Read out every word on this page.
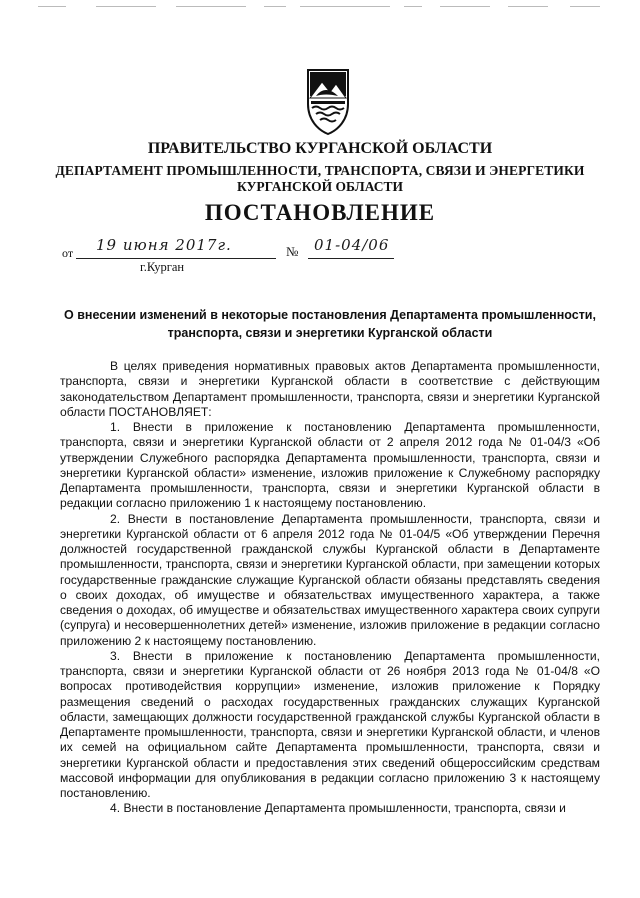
ПРАВИТЕЛЬСТВО КУРГАНСКОЙ ОБЛАСТИ
ДЕПАРТАМЕНТ ПРОМЫШЛЕННОСТИ, ТРАНСПОРТА, СВЯЗИ И ЭНЕРГЕТИКИ
КУРГАНСКОЙ ОБЛАСТИ
ПОСТАНОВЛЕНИЕ
от	№
19 июня 2017г.	01-04/06
г.Курган
О внесении изменений в некоторые постановления Департамента промышленности, транспорта, связи и энергетики Курганской области

В целях приведения нормативных правовых актов Департамента промышленности, транспорта, связи и энергетики Курганской области в соответствие с действующим законодательством Департамент промышленности, транспорта, связи и энергетики Курганской области ПОСТАНОВЛЯЕТ:

1. Внести в приложение к постановлению Департамента промышленности, транспорта, связи и энергетики Курганской области от 2 апреля 2012 года № 01-04/3 «Об утверждении Служебного распорядка Департамента промышленности, транспорта, связи и энергетики Курганской области» изменение, изложив приложение к Служебному распорядку Департамента промышленности, транспорта, связи и энергетики Курганской области в редакции согласно приложению 1 к настоящему постановлению.

2. Внести в постановление Департамента промышленности, транспорта, связи и энергетики Курганской области от 6 апреля 2012 года № 01-04/5 «Об утверждении Перечня должностей государственной гражданской службы Курганской области в Департаменте промышленности, транспорта, связи и энергетики Курганской области, при замещении которых государственные гражданские служащие Курганской области обязаны представлять сведения о своих доходах, об имуществе и обязательствах имущественного характера, а также сведения о доходах, об имуществе и обязательствах имущественного характера своих супруги (супруга) и несовершеннолетних детей» изменение, изложив приложение в редакции согласно приложению 2 к настоящему постановлению.

3. Внести в приложение к постановлению Департамента промышленности, транспорта, связи и энергетики Курганской области от 26 ноября 2013 года № 01-04/8 «О вопросах противодействия коррупции» изменение, изложив приложение к Порядку размещения сведений о расходах государственных гражданских служащих Курганской области, замещающих должности государственной гражданской службы Курганской области в Департаменте промышленности, транспорта, связи и энергетики Курганской области, и членов их семей на официальном сайте Департамента промышленности, транспорта, связи и энергетики Курганской области и предоставления этих сведений общероссийским средствам массовой информации для опубликования в редакции согласно приложению 3 к настоящему постановлению.

4. Внести в постановление Департамента промышленности, транспорта, связи и
